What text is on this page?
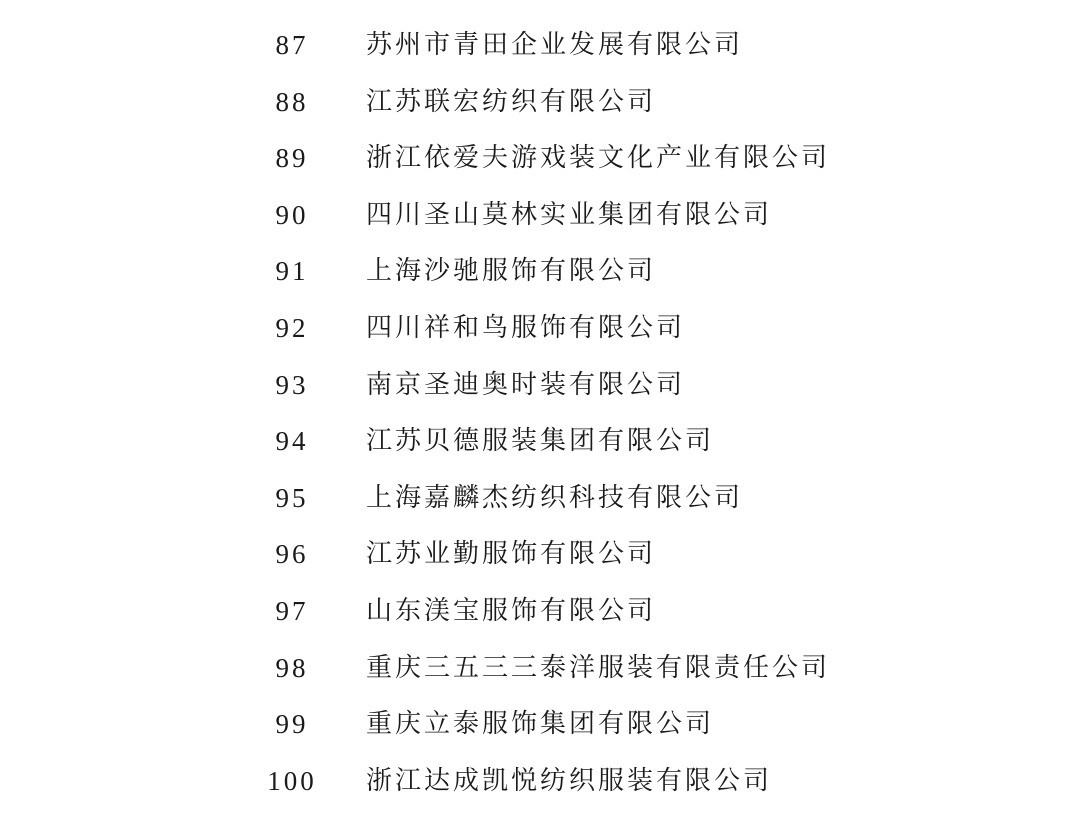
87	苏州市青田企业发展有限公司
88	江苏联宏纺织有限公司
89	浙江依爱夫游戏装文化产业有限公司
90	四川圣山莫林实业集团有限公司
91	上海沙驰服饰有限公司
92	四川祥和鸟服饰有限公司
93	南京圣迪奥时装有限公司
94	江苏贝德服装集团有限公司
95	上海嘉麟杰纺织科技有限公司
96	江苏业勤服饰有限公司
97	山东渼宝服饰有限公司
98	重庆三五三三泰洋服装有限责任公司
99	重庆立泰服饰集团有限公司
100	浙江达成凯悦纺织服装有限公司
